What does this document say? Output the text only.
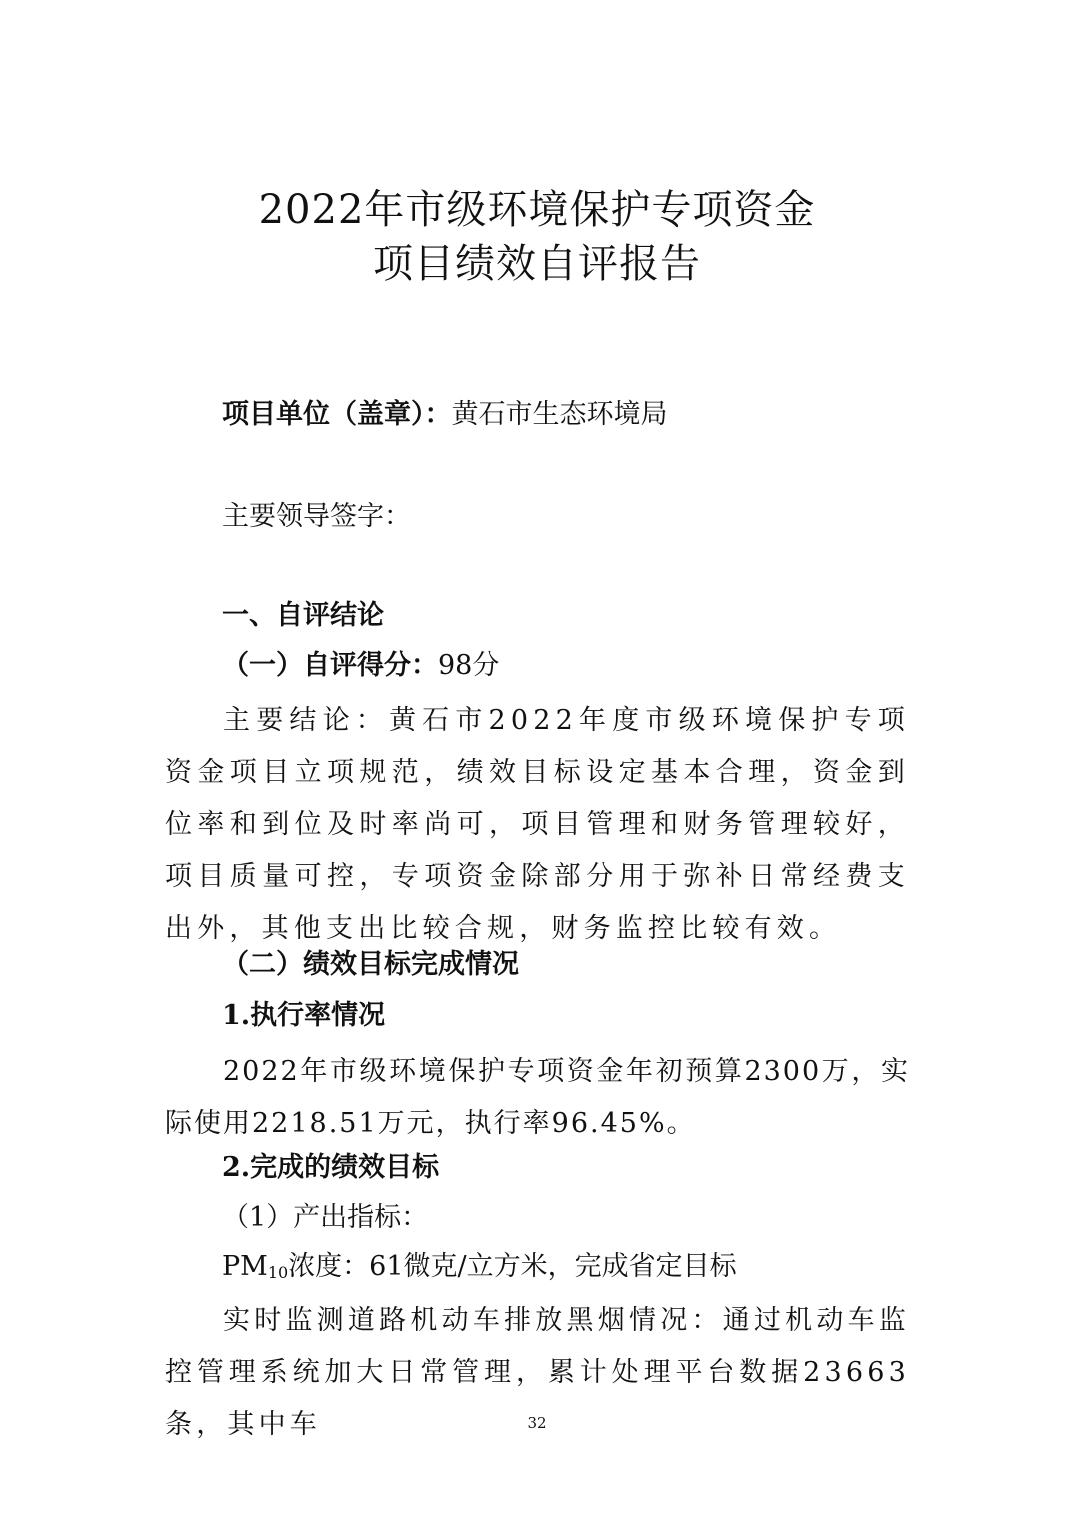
2022年市级环境保护专项资金
项目绩效自评报告
项目单位（盖章）：黄石市生态环境局
主要领导签字：
一、自评结论
（一）自评得分：98分
主要结论：黄石市2022年度市级环境保护专项资金项目立项规范，绩效目标设定基本合理，资金到位率和到位及时率尚可，项目管理和财务管理较好，项目质量可控，专项资金除部分用于弥补日常经费支出外，其他支出比较合规，财务监控比较有效。
（二）绩效目标完成情况
1.执行率情况
2022年市级环境保护专项资金年初预算2300万，实际使用2218.51万元，执行率96.45%。
2.完成的绩效目标
（1）产出指标：
PM10浓度：61微克/立方米，完成省定目标
实时监测道路机动车排放黑烟情况：通过机动车监控管理系统加大日常管理，累计处理平台数据23663条，其中车	32
